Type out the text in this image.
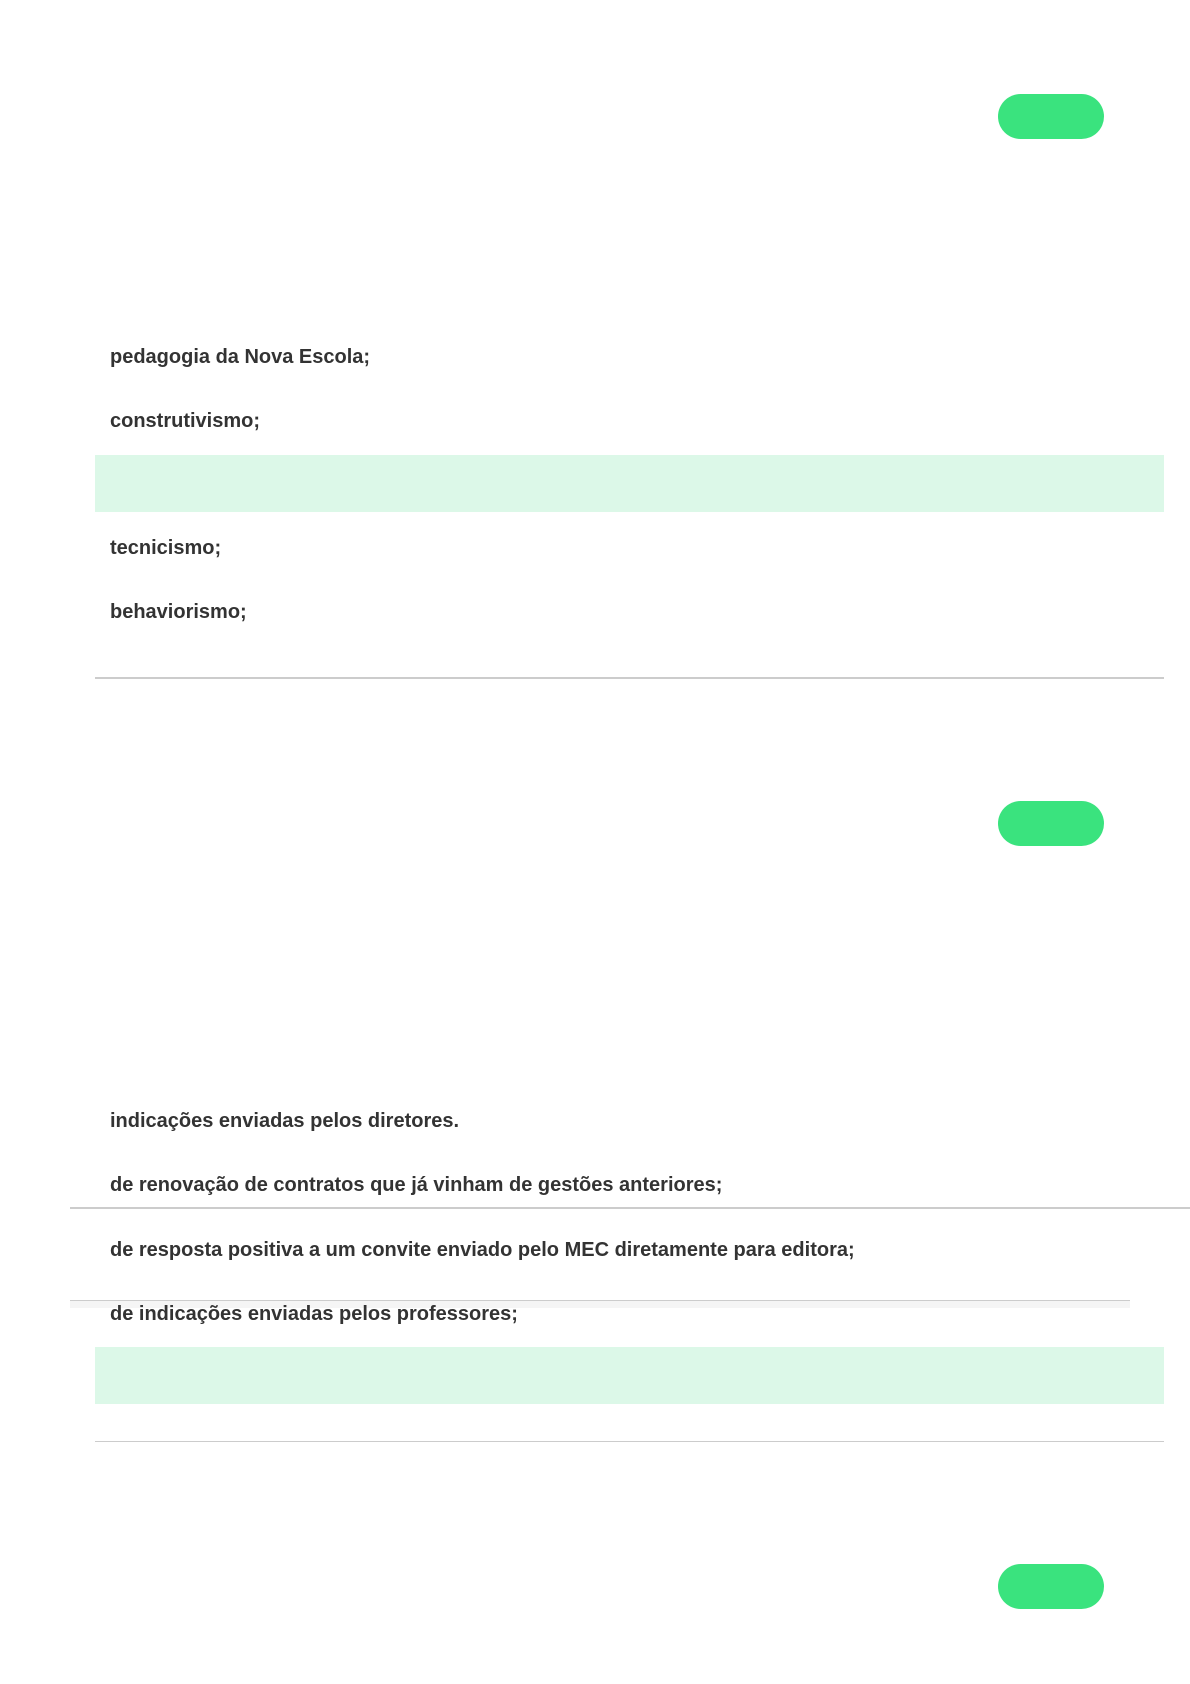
pedagogia da Nova Escola;
construtivismo;
tecnicismo;
behaviorismo;
indicações enviadas pelos diretores.
de renovação de contratos que já vinham de gestões anteriores;
de resposta positiva a um convite enviado pelo MEC diretamente para editora;
de indicações enviadas pelos professores;
